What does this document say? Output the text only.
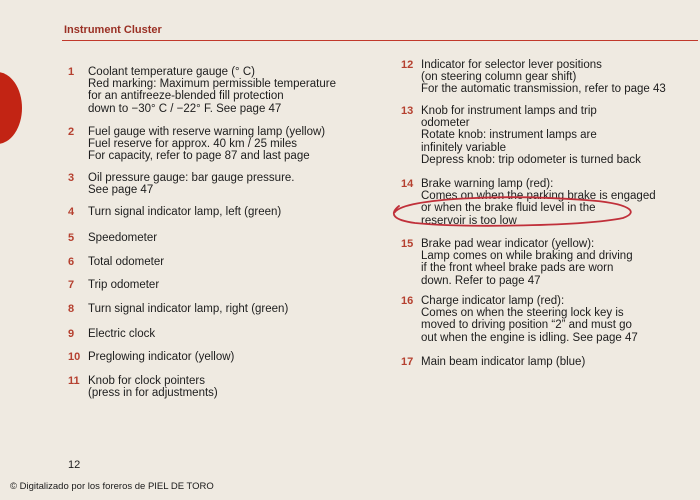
Instrument Cluster
1	Coolant temperature gauge (° C)
Red marking: Maximum permissible temperature
for an antifreeze-blended fill protection
down to −30° C / −22° F. See page 47
2	Fuel gauge with reserve warning lamp (yellow)
Fuel reserve for approx. 40 km / 25 miles
For capacity, refer to page 87 and last page
3	Oil pressure gauge: bar gauge pressure.
See page 47
4	Turn signal indicator lamp, left (green)
5	Speedometer
6	Total odometer
7	Trip odometer
8	Turn signal indicator lamp, right (green)
9	Electric clock
10 Preglowing indicator (yellow)
11 Knob for clock pointers
(press in for adjustments)
12 Indicator for selector lever positions
(on steering column gear shift)
For the automatic transmission, refer to page 43
13 Knob for instrument lamps and trip
odometer
Rotate knob: instrument lamps are
infinitely variable
Depress knob: trip odometer is turned back
14 Brake warning lamp (red):
Comes on when the parking brake is engaged
or when the brake fluid level in the
reservoir is too low
15 Brake pad wear indicator (yellow):
Lamp comes on while braking and driving
if the front wheel brake pads are worn
down. Refer to page 47
16 Charge indicator lamp (red):
Comes on when the steering lock key is
moved to driving position “2” and must go
out when the engine is idling. See page 47
17 Main beam indicator lamp (blue)
12
© Digitalizado por los foreros de PIEL DE TORO
